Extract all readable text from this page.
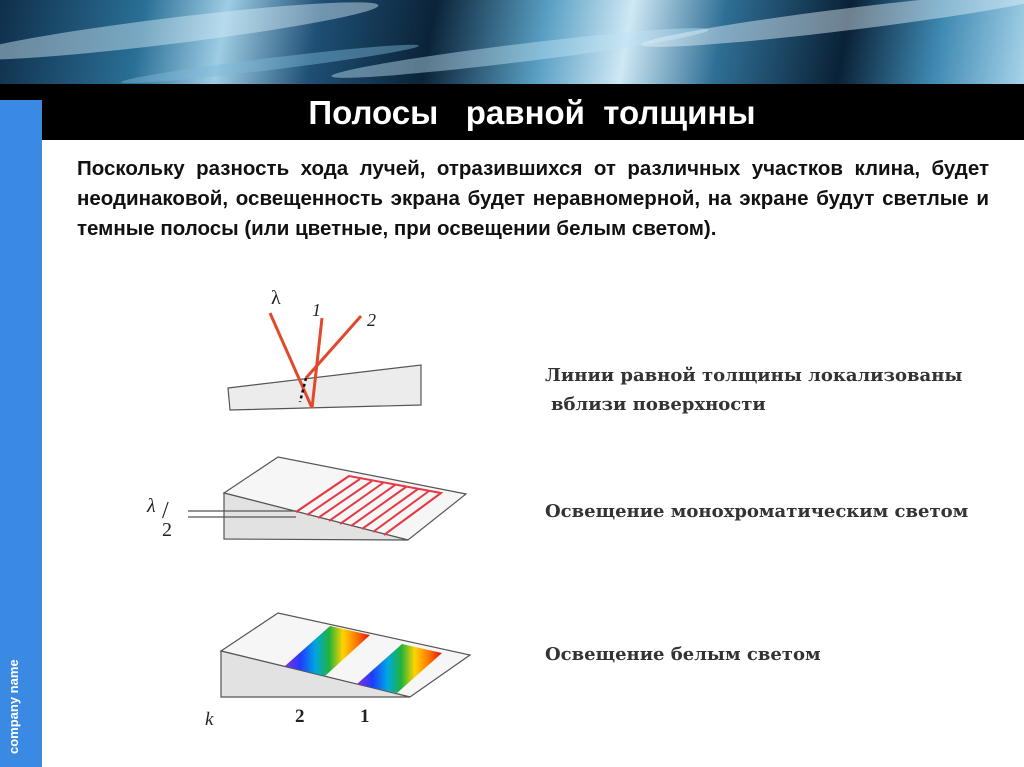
Полосы   равной  толщины
company name

Поскольку разность хода лучей, отразившихся от различных участков клина, будет неодинаковой, освещенность экрана будет неравномерной, на экране будут светлые и темные полосы (или цветные, при освещении белым светом).

λ
1	2
λ /
2
k	2	1
Линии равной толщины локализованы
вблизи поверхности
Освещение монохроматическим светом
Освещение белым светом
